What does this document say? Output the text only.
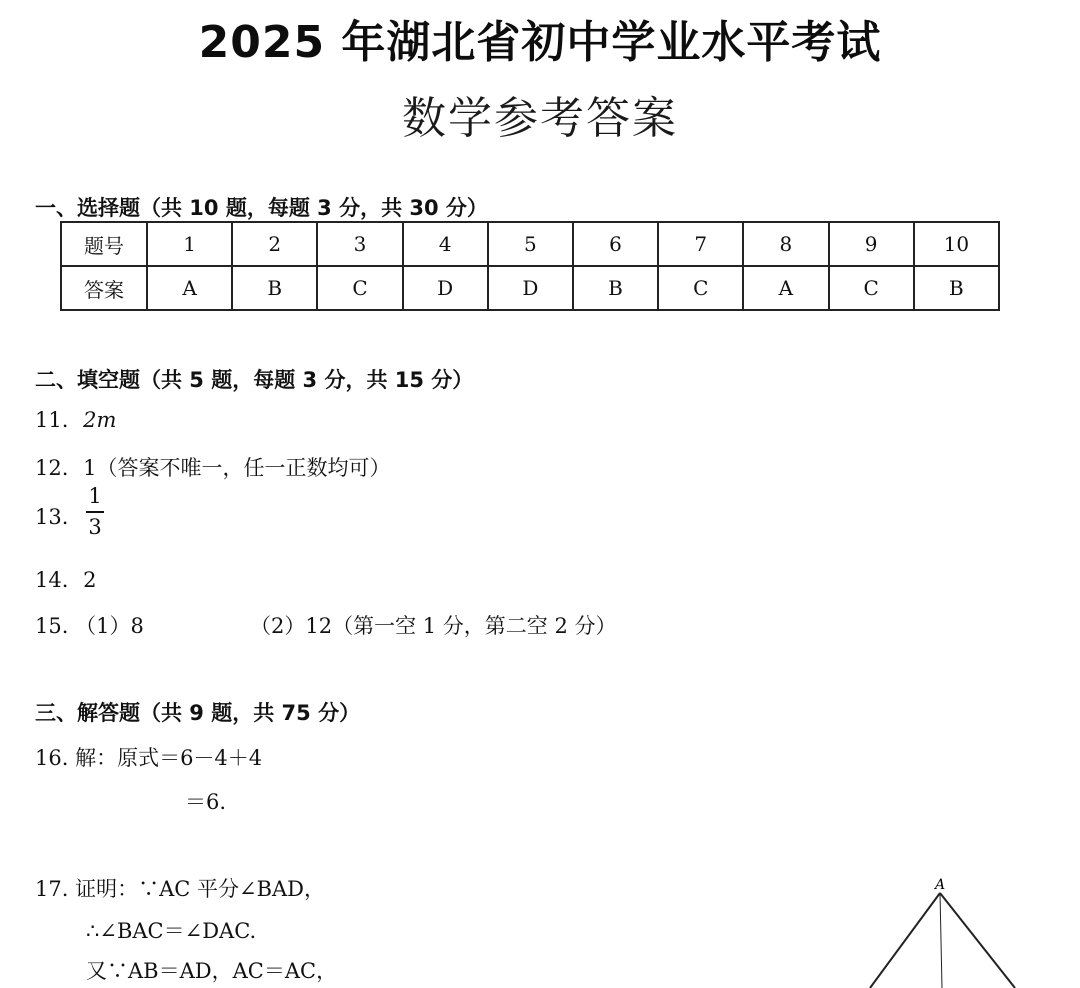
2025 年湖北省初中学业水平考试
数学参考答案
一、选择题（共 10 题，每题 3 分，共 30 分）
题号	1	2	3	4	5	6	7	8	9	10
答案	A	B	C	D	D	B	C	A	C	B
二、填空题（共 5 题，每题 3 分，共 15 分）
11. 2m
12. 1（答案不唯一，任一正数均可）
13.
1
3
14. 2
15. （1）8	（2）12（第一空 1 分，第二空 2 分）
三、解答题（共 9 题，共 75 分）
16. 解：原式＝6－4＋4
＝6.
17. 证明：∵AC 平分∠BAD，
∴∠BAC＝∠DAC.
又∵AB＝AD，AC＝AC，
A
